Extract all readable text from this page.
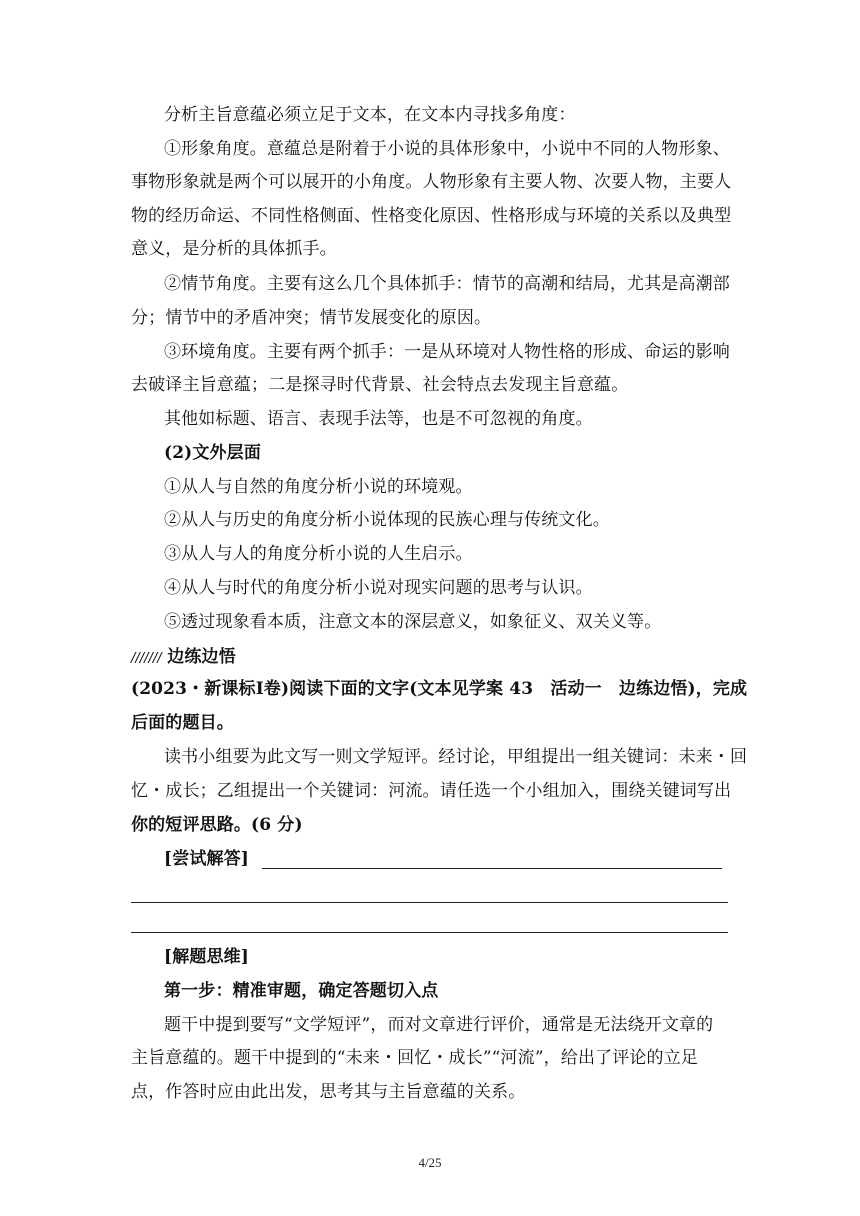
分析主旨意蕴必须立足于文本，在文本内寻找多角度：
①形象角度。意蕴总是附着于小说的具体形象中，小说中不同的人物形象、
事物形象就是两个可以展开的小角度。人物形象有主要人物、次要人物，主要人
物的经历命运、不同性格侧面、性格变化原因、性格形成与环境的关系以及典型
意义，是分析的具体抓手。
②情节角度。主要有这么几个具体抓手：情节的高潮和结局，尤其是高潮部
分；情节中的矛盾冲突；情节发展变化的原因。
③环境角度。主要有两个抓手：一是从环境对人物性格的形成、命运的影响
去破译主旨意蕴；二是探寻时代背景、社会特点去发现主旨意蕴。
其他如标题、语言、表现手法等，也是不可忽视的角度。
(2)文外层面
①从人与自然的角度分析小说的环境观。
②从人与历史的角度分析小说体现的民族心理与传统文化。
③从人与人的角度分析小说的人生启示。
④从人与时代的角度分析小说对现实问题的思考与认识。
⑤透过现象看本质，注意文本的深层意义，如象征义、双关义等。
/////// 边练边悟
(2023・新课标Ⅰ卷)阅读下面的文字(文本见学案 43　活动一　边练边悟)，完成
后面的题目。
读书小组要为此文写一则文学短评。经讨论，甲组提出一组关键词：未来・回
忆・成长；乙组提出一个关键词：河流。请任选一个小组加入，围绕关键词写出
你的短评思路。(6 分)
[尝试解答]
[解题思维]
第一步：精准审题，确定答题切入点
题干中提到要写“文学短评”，而对文章进行评价，通常是无法绕开文章的
主旨意蕴的。题干中提到的“未来・回忆・成长”“河流”，给出了评论的立足
点，作答时应由此出发，思考其与主旨意蕴的关系。
4/25
